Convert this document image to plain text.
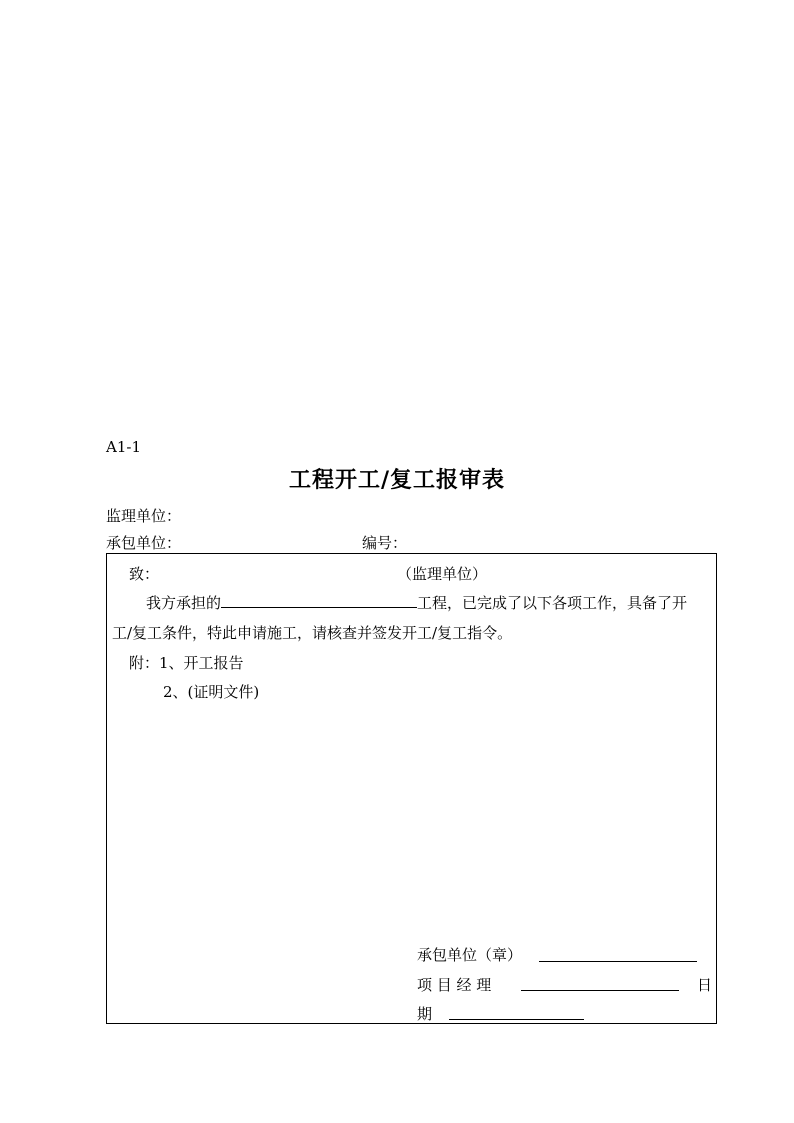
A1-1
工程开工/复工报审表
监理单位：
承包单位：	编号：
致：	（监理单位）
我方承担的	工程，已完成了以下各项工作，具备了开
工/复工条件，特此申请施工，请核查并签发开工/复工指令。
附：1、开工报告
2、(证明文件)
承包单位（章）
项 目 经 理	日
期
